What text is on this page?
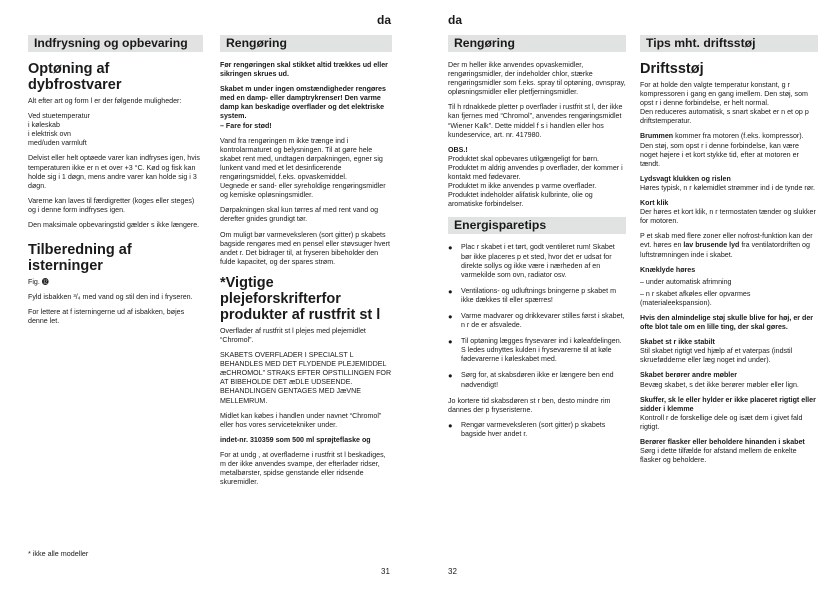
da	da
Indfrysning og opbevaring
Optøning af dybfrostvarer

Alt efter art og form l er der følgende muligheder:

Ved stuetemperatur
i køleskab
i elektrisk ovn
med/uden varmluft

Delvist eller helt optøede varer kan indfryses igen, hvis temperaturen ikke er n et over +3 °C. Kød og fisk kan holde sig i 1 døgn, mens andre varer kan holde sig i 3 døgn.

Varerne kan laves til færdigretter (koges eller steges) og i denne form indfryses igen.

Den maksimale opbevaringstid gælder s ikke længere.

Tilberedning af isterninger

Fig. ⓬

Fyld isbakken ³/₄ med vand og stil den ind i fryseren.

For lettere at f isterningerne ud af isbakken, bøjes denne let.

* ikke alle modeller
Rengøring

Før rengøringen skal stikket altid trækkes ud eller sikringen skrues ud.

Skabet m under ingen omstændigheder rengøres med en damp- eller damptrykrenser! Den varme damp kan beskadige overflader og det elektriske system.
– Fare for stød!

Vand fra rengøringen m ikke trænge ind i kontrolarmaturet og belysningen. Til at gøre hele skabet rent med, undtagen dørpakningen, egner sig lunkent vand med et let desinficerende rengøringsmiddel, f.eks. opvaskemiddel.
Uegnede er sand- eller syreholdige rengøringsmidler og kemiske opløsningsmidler.

Dørpakningen skal kun tørres af med rent vand og derefter gnides grundigt tør.

Om muligt bør varmeveksleren (sort gitter) p skabets bagside rengøres med en pensel eller støvsuger hvert andet r. Det bidrager til, at fryseren bibeholder den fulde kapacitet, og der spares strøm.

*Vigtige plejeforskrifterfor produkter af rustfrit st l

Overflader af rustfrit st l plejes med plejemidlet “Chromol”.

SKABETS OVERFLADER I SPECIALST L BEHANDLES MED DET FLYDENDE PLEJEMIDDEL æCHROMOL” STRAKS EFTER OPSTILLINGEN FOR AT BIBEHOLDE DET æDLE UDSEENDE. BEHANDLINGEN GENTAGES MED JæVNE MELLEMRUM.

Midlet kan købes i handlen under navnet “Chromol” eller hos vores servicetekniker under.

indet-nr. 310359 som 500 ml sprøjteflaske og

For at undg , at overfladerne i rustfrit st l beskadiges, m der ikke anvendes svampe, der efterlader ridser, metalbørster, spidse genstande eller ridsende skuremidler.

31
Rengøring

Der m heller ikke anvendes opvaskemidler, rengøringsmidler, der indeholder chlor, stærke rengøringsmidler som f.eks. spray til optøning, ovnspray, opløsningsmidler eller pletfjerningsmidler.

Til h rdnakkede pletter p overflader i rustfrit st l, der ikke kan fjernes med “Chromol”, anvendes rengøringsmidlet “Wiener Kalk”. Dette middel f s i handlen eller hos kundeservice, art. nr. 417980.

OBS.!

Produktet skal opbevares utilgængeligt for børn.
Produktet m aldrig anvendes p overflader, der kommer i kontakt med fødevarer.
Produktet m ikke anvendes p varme overflader.
Produktet indeholder alifatisk kulbrinte, olie og aromatiske forbindelser.

Energisparetips
● Plac r skabet i et tørt, godt ventileret rum! Skabet bør ikke placeres p et sted, hvor det er udsat for direkte sollys og ikke være i nærheden af en varmekilde som ovn, radiator osv.
● Ventilations- og udluftnings bningerne p skabet m ikke dækkes til eller spærres!
● Varme madvarer og drikkevarer stilles først i skabet, n r de er afsvalede.
● Til optøning lægges frysevarer ind i køleafdelingen. S ledes udnyttes kulden i frysevarerne til at køle fødevarerne i køleskabet med.
● Sørg for, at skabsdøren ikke er længere ben end nødvendigt!

Jo kortere tid skabsdøren st r ben, desto mindre rim dannes der p fryseristerne.

● Rengør varmeveksleren (sort gitter) p skabets bagside hver andet r.
32
Tips mht. driftsstøj
Driftsstøj

For at holde den valgte temperatur konstant, g r kompressoren i gang en gang imellem. Den støj, som opst r i denne forbindelse, er helt normal.
Den reduceres automatisk, s snart skabet er n et op p driftstemperatur.

Brummen kommer fra motoren (f.eks. kompressor). Den støj, som opst r i denne forbindelse, kan være noget højere i et kort stykke tid, efter at motoren er tændt.

Lydsvagt klukken og rislen
Høres typisk, n r kølemidlet strømmer ind i de tynde rør.

Kort klik
Der høres et kort klik, n r termostaten tænder og slukker for motoren.

P et skab med flere zoner eller nofrost-funktion kan der evt. høres en lav brusende lyd fra ventilatordriften og luftstrømningen inde i skabet.

Knæklyde høres

– under automatisk afrimning

– n r skabet afkøles eller opvarmes (materialeekspansion).

Hvis den almindelige støj skulle blive for høj, er der ofte blot tale om en lille ting, der skal gøres.

Skabet st r ikke stabilt
Stil skabet rigtigt ved hjælp af et vaterpas (indstil skruefødderne eller læg noget ind under).

Skabet berører andre møbler
Bevæg skabet, s det ikke berører møbler eller lign.

Skuffer, sk le eller hylder er ikke placeret rigtigt eller sidder i klemme
Kontroll r de forskellige dele og isæt dem i givet fald rigtigt.

Berører flasker eller beholdere hinanden i skabet
Sørg i dette tilfælde for afstand mellem de enkelte flasker og beholdere.
